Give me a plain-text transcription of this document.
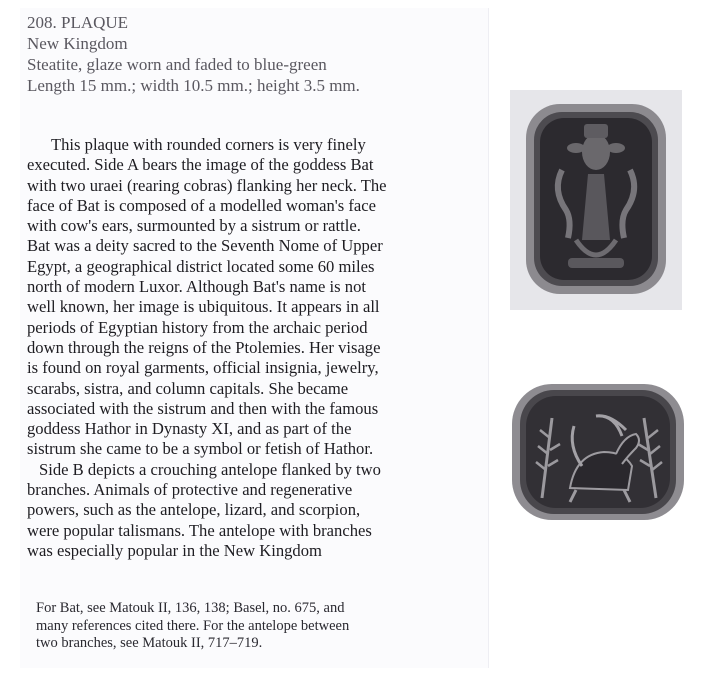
208. PLAQUE
New Kingdom
Steatite, glaze worn and faded to blue-green
Length 15 mm.; width 10.5 mm.; height 3.5 mm.
This plaque with rounded corners is very finely
executed. Side A bears the image of the goddess Bat
with two uraei (rearing cobras) flanking her neck. The
face of Bat is composed of a modelled woman's face
with cow's ears, surmounted by a sistrum or rattle.
Bat was a deity sacred to the Seventh Nome of Upper
Egypt, a geographical district located some 60 miles
north of modern Luxor. Although Bat's name is not
well known, her image is ubiquitous. It appears in all
periods of Egyptian history from the archaic period
down through the reigns of the Ptolemies. Her visage
is found on royal garments, official insignia, jewelry,
scarabs, sistra, and column capitals. She became
associated with the sistrum and then with the famous
goddess Hathor in Dynasty XI, and as part of the
sistrum she came to be a symbol or fetish of Hathor.
Side B depicts a crouching antelope flanked by two
branches. Animals of protective and regenerative
powers, such as the antelope, lizard, and scorpion,
were popular talismans. The antelope with branches
was especially popular in the New Kingdom
For Bat, see Matouk II, 136, 138; Basel, no. 675, and
many references cited there. For the antelope between
two branches, see Matouk II, 717–719.
